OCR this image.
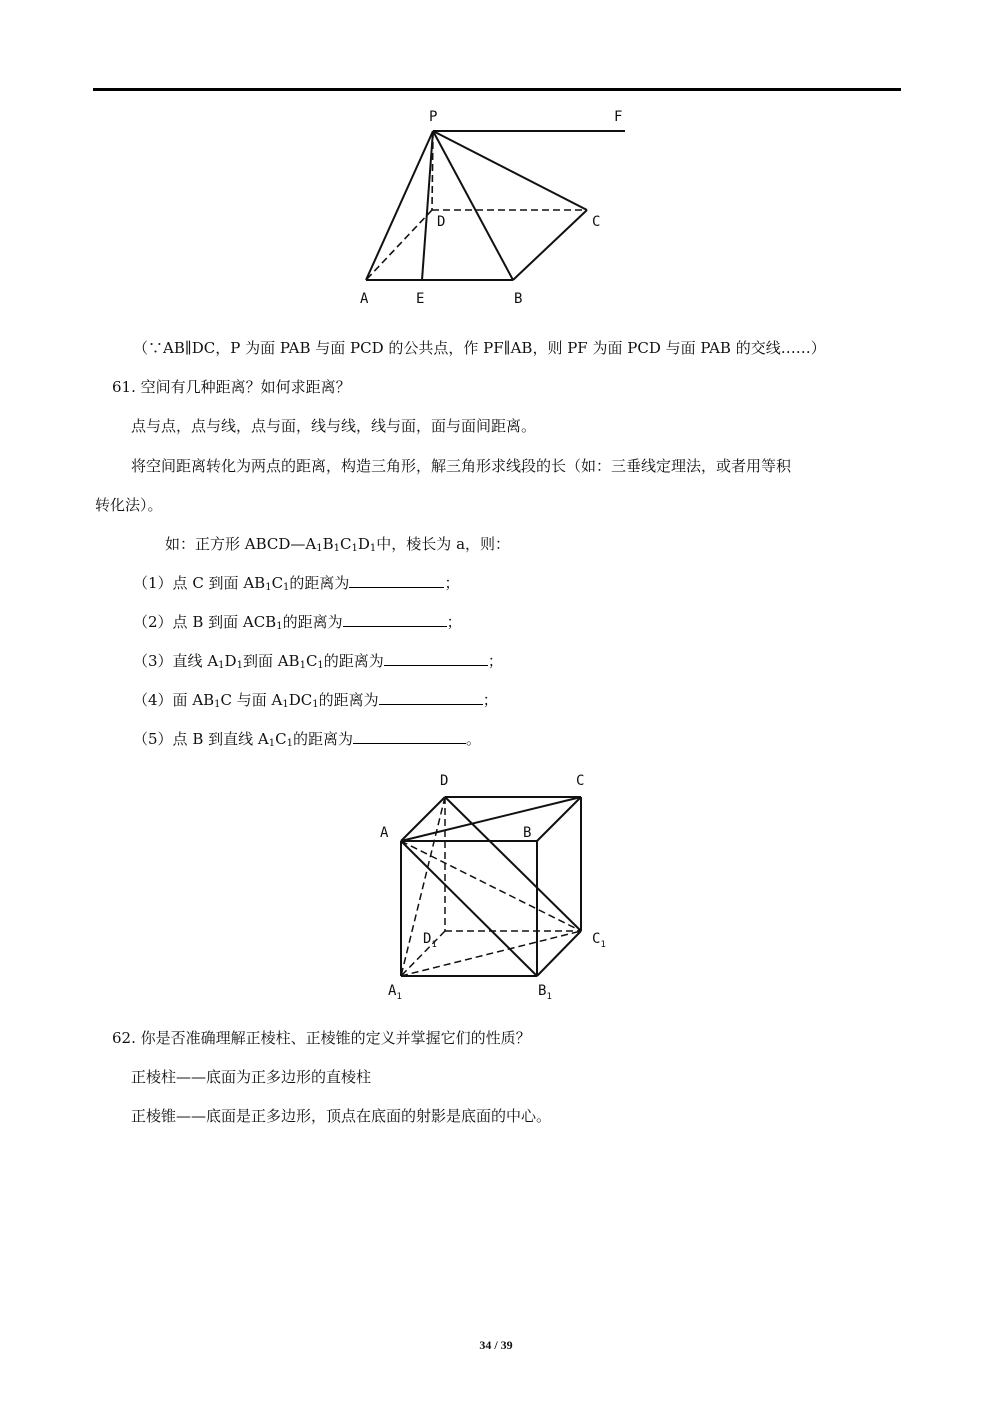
P	F
D	C
A	E	B
（∵AB∥DC，P 为面 PAB 与面 PCD 的公共点，作 PF∥AB，则 PF 为面 PCD 与面 PAB 的交线……）
61. 空间有几种距离？如何求距离？
点与点，点与线，点与面，线与线，线与面，面与面间距离。
将空间距离转化为两点的距离，构造三角形，解三角形求线段的长（如：三垂线定理法，或者用等积
转化法）。
如：正方形 $ABCD—A_1B_1C_1D_1$中，棱长为 a，则：
（1）点 C 到面 $AB_1C_1$的距离为	；
（2）点 B 到面 $ACB_1$的距离为	；
（3）直线 $A_1D_1$到面 $AB_1C_1$的距离为	；
（4）面 $AB_1C$ 与面 $A_1DC_1$的距离为	；
（5）点 B 到直线 $A_1C_1$的距离为	。
D	C
A	B
$D_1$	$C_1$
$A_1$	$B_1$
62. 你是否准确理解正棱柱、正棱锥的定义并掌握它们的性质？
正棱柱——底面为正多边形的直棱柱
正棱锥——底面是正多边形，顶点在底面的射影是底面的中心。
34 / 39
